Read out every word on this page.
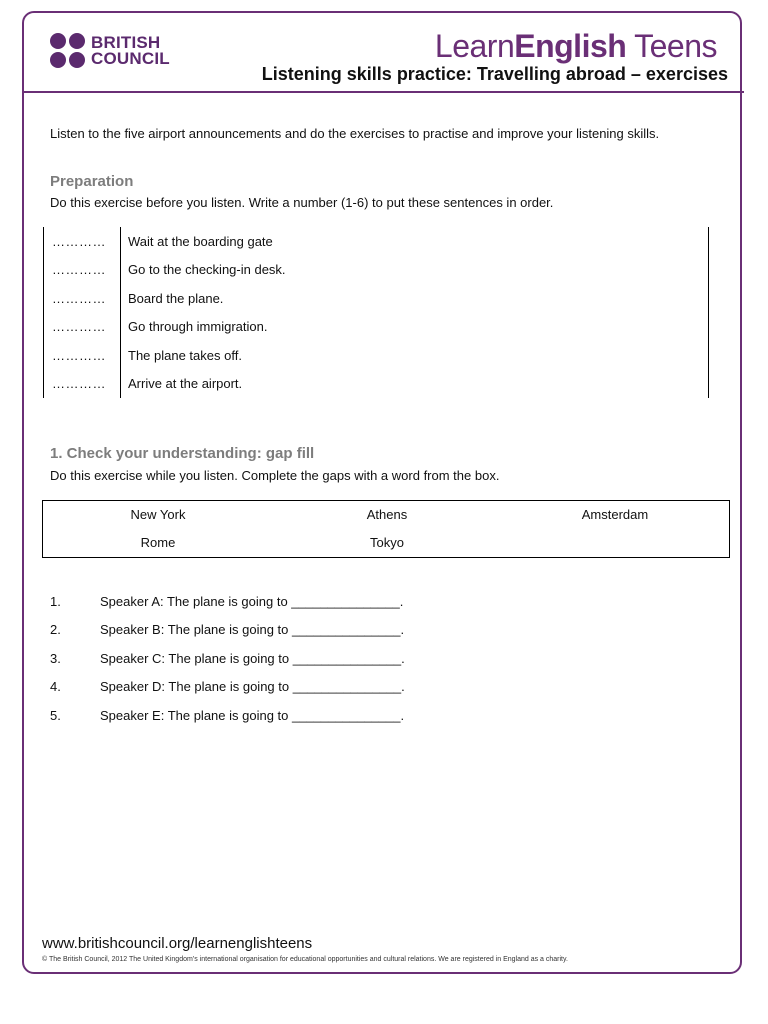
BRITISH
COUNCIL	LearnEnglish Teens
Listening skills practice: Travelling abroad – exercises
Listen to the five airport announcements and do the exercises to practise and improve your listening skills.
Preparation
Do this exercise before you listen. Write a number (1-6) to put these sentences in order.
………… Wait at the boarding gate
………… Go to the checking-in desk.
………… Board the plane.
………… Go through immigration.
………… The plane takes off.
………… Arrive at the airport.
1. Check your understanding: gap fill
Do this exercise while you listen. Complete the gaps with a word from the box.
New York	Athens	Amsterdam
Rome	Tokyo
1.	Speaker A: The plane is going to _______________.
2.	Speaker B: The plane is going to _______________.
3.	Speaker C: The plane is going to _______________.
4.	Speaker D: The plane is going to _______________.
5.	Speaker E: The plane is going to _______________.
www.britishcouncil.org/learnenglishteens
© The British Council, 2012 The United Kingdom’s international organisation for educational opportunities and cultural relations. We are registered in England as a charity.
